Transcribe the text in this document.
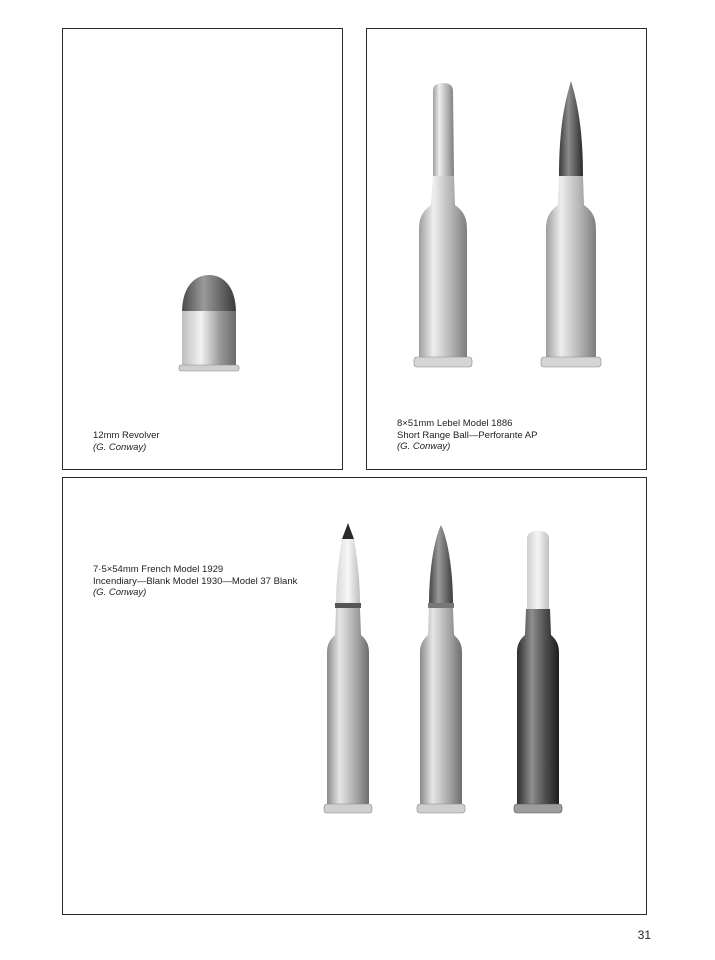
12mm Revolver
(G. Conway)
8×51mm Lebel Model 1886
Short Range Ball—Perforante AP
(G. Conway)
7·5×54mm French Model 1929
Incendiary—Blank Model 1930—Model 37 Blank
(G. Conway)
31
